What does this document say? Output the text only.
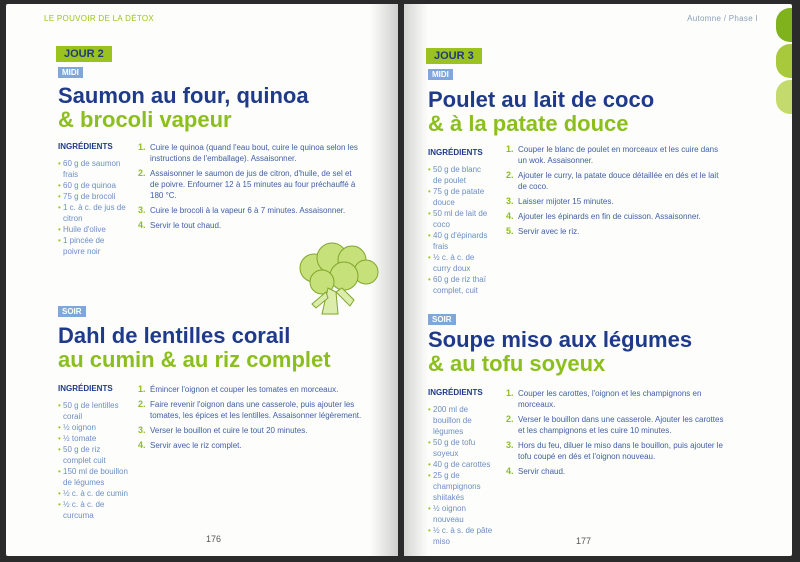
LE POUVOIR DE LA DÉTOX
JOUR 2
MIDI
Saumon au four, quinoa
& brocoli vapeur
INGRÉDIENTS
• 60 g de saumon frais
• 60 g de quinoa
• 75 g de brocoli
• 1 c. à c. de jus de citron
• Huile d'olive
• 1 pincée de poivre noir
1. Cuire le quinoa (quand l'eau bout, cuire le quinoa selon les instructions de l'emballage). Assaisonner.
2. Assaisonner le saumon de jus de citron, d'huile, de sel et de poivre. Enfourner 12 à 15 minutes au four préchauffé à 180 °C.
3. Cuire le brocoli à la vapeur 6 à 7 minutes. Assaisonner.
4. Servir le tout chaud.
SOIR
Dahl de lentilles corail
au cumin & au riz complet
INGRÉDIENTS
• 50 g de lentilles corail
• ½ oignon
• ½ tomate
• 50 g de riz complet cuit
• 150 ml de bouillon de légumes
• ½ c. à c. de cumin
• ½ c. à c. de curcuma
1. Émincer l'oignon et couper les tomates en morceaux.
2. Faire revenir l'oignon dans une casserole, puis ajouter les tomates, les épices et les lentilles. Assaisonner légèrement.
3. Verser le bouillon et cuire le tout 20 minutes.
4. Servir avec le riz complet.
176
Automne / Phase I
JOUR 3
MIDI
Poulet au lait de coco
& à la patate douce
INGRÉDIENTS
• 50 g de blanc de poulet
• 75 g de patate douce
• 50 ml de lait de coco
• 40 g d'épinards frais
• ½ c. à c. de curry doux
• 60 g de riz thaï complet, cuit
1. Couper le blanc de poulet en morceaux et les cuire dans un wok. Assaisonner.
2. Ajouter le curry, la patate douce détaillée en dés et le lait de coco.
3. Laisser mijoter 15 minutes.
4. Ajouter les épinards en fin de cuisson. Assaisonner.
5. Servir avec le riz.
SOIR
Soupe miso aux légumes
& au tofu soyeux
INGRÉDIENTS
• 200 ml de bouillon de légumes
• 50 g de tofu soyeux
• 40 g de carottes
• 25 g de champignons shiitakés
• ½ oignon nouveau
• ½ c. à s. de pâte miso
1. Couper les carottes, l'oignon et les champignons en morceaux.
2. Verser le bouillon dans une casserole. Ajouter les carottes et les champignons et les cuire 10 minutes.
3. Hors du feu, diluer le miso dans le bouillon, puis ajouter le tofu coupé en dés et l'oignon nouveau.
4. Servir chaud.
177
